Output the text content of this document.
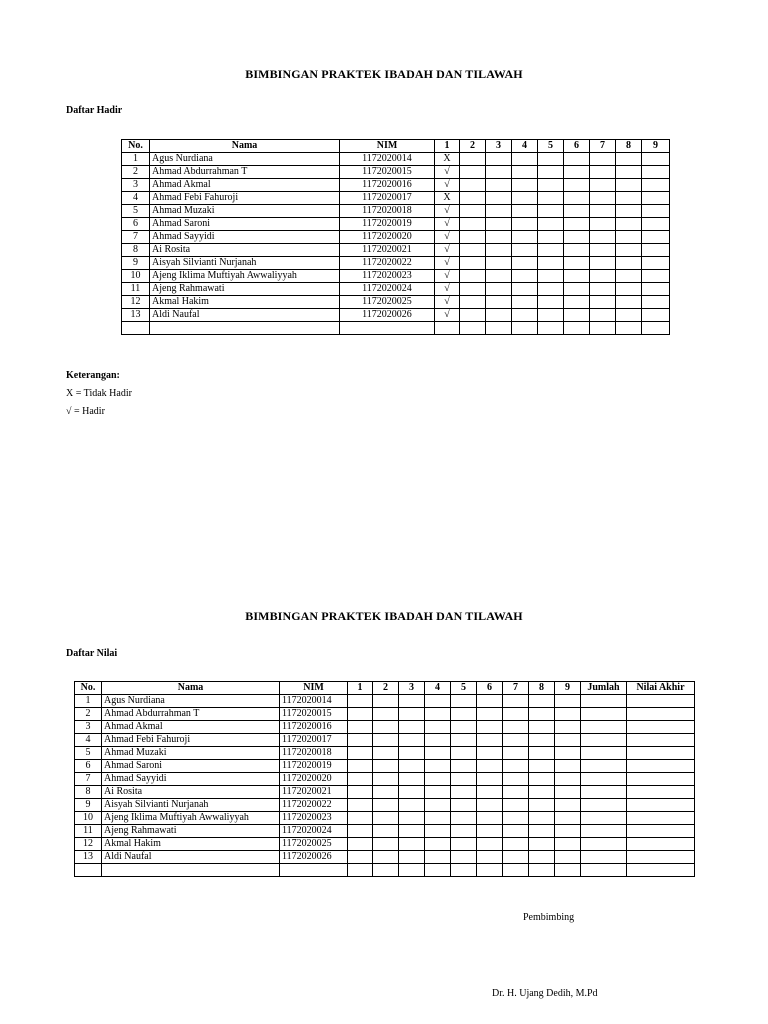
BIMBINGAN PRAKTEK IBADAH DAN TILAWAH
Daftar Hadir
No.	Nama	NIM	1	2	3	4	5	6	7	8	9
1	Agus Nurdiana	1172020014	X								
2	Ahmad Abdurrahman T	1172020015	√								
3	Ahmad Akmal	1172020016	√								
4	Ahmad Febi Fahuroji	1172020017	X								
5	Ahmad Muzaki	1172020018	√								
6	Ahmad Saroni	1172020019	√								
7	Ahmad Sayyidi	1172020020	√								
8	Ai Rosita	1172020021	√								
9	Aisyah Silvianti Nurjanah	1172020022	√								
10	Ajeng Iklima Muftiyah Awwaliyyah	1172020023	√								
11	Ajeng Rahmawati	1172020024	√								
12	Akmal Hakim	1172020025	√								
13	Aldi Naufal	1172020026	√								

Keterangan:
X = Tidak Hadir
√ = Hadir
BIMBINGAN PRAKTEK IBADAH DAN TILAWAH
Daftar Nilai
No.	Nama	NIM	1	2	3	4	5	6	7	8	9	Jumlah	Nilai Akhir
1	Agus Nurdiana	1172020014											
2	Ahmad Abdurrahman T	1172020015											
3	Ahmad Akmal	1172020016											
4	Ahmad Febi Fahuroji	1172020017											
5	Ahmad Muzaki	1172020018											
6	Ahmad Saroni	1172020019											
7	Ahmad Sayyidi	1172020020											
8	Ai Rosita	1172020021											
9	Aisyah Silvianti Nurjanah	1172020022											
10	Ajeng Iklima Muftiyah Awwaliyyah	1172020023											
11	Ajeng Rahmawati	1172020024											
12	Akmal Hakim	1172020025											
13	Aldi Naufal	1172020026											

Pembimbing
Dr. H. Ujang Dedih, M.Pd
